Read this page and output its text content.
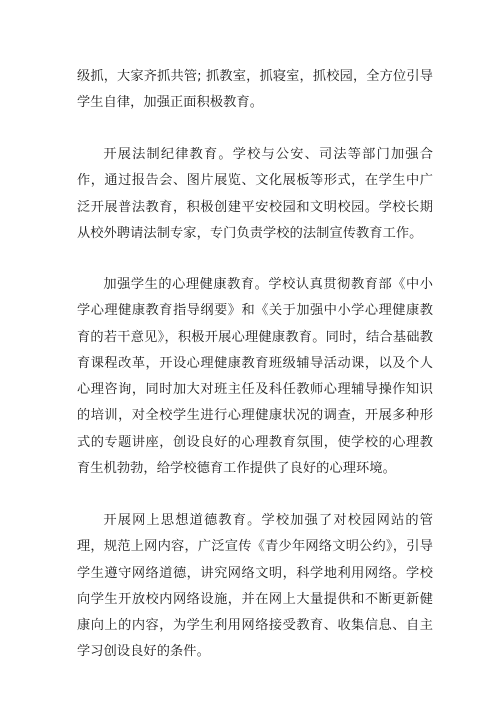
级抓，大家齐抓共管; 抓教室，抓寝室，抓校园，全方位引导学生自律，加强正面积极教育。

开展法制纪律教育。学校与公安、司法等部门加强合作，通过报告会、图片展览、文化展板等形式，在学生中广泛开展普法教育，积极创建平安校园和文明校园。学校长期从校外聘请法制专家，专门负责学校的法制宣传教育工作。

加强学生的心理健康教育。学校认真贯彻教育部《中小学心理健康教育指导纲要》和《关于加强中小学心理健康教育的若干意见》，积极开展心理健康教育。同时，结合基础教育课程改革，开设心理健康教育班级辅导活动课，以及个人心理咨询，同时加大对班主任及科任教师心理辅导操作知识的培训，对全校学生进行心理健康状况的调查，开展多种形式的专题讲座，创设良好的心理教育氛围，使学校的心理教育生机勃勃，给学校德育工作提供了良好的心理环境。

开展网上思想道德教育。学校加强了对校园网站的管理，规范上网内容，广泛宣传《青少年网络文明公约》，引导学生遵守网络道德，讲究网络文明，科学地利用网络。学校向学生开放校内网络设施，并在网上大量提供和不断更新健康向上的内容，为学生利用网络接受教育、收集信息、自主学习创设良好的条件。
